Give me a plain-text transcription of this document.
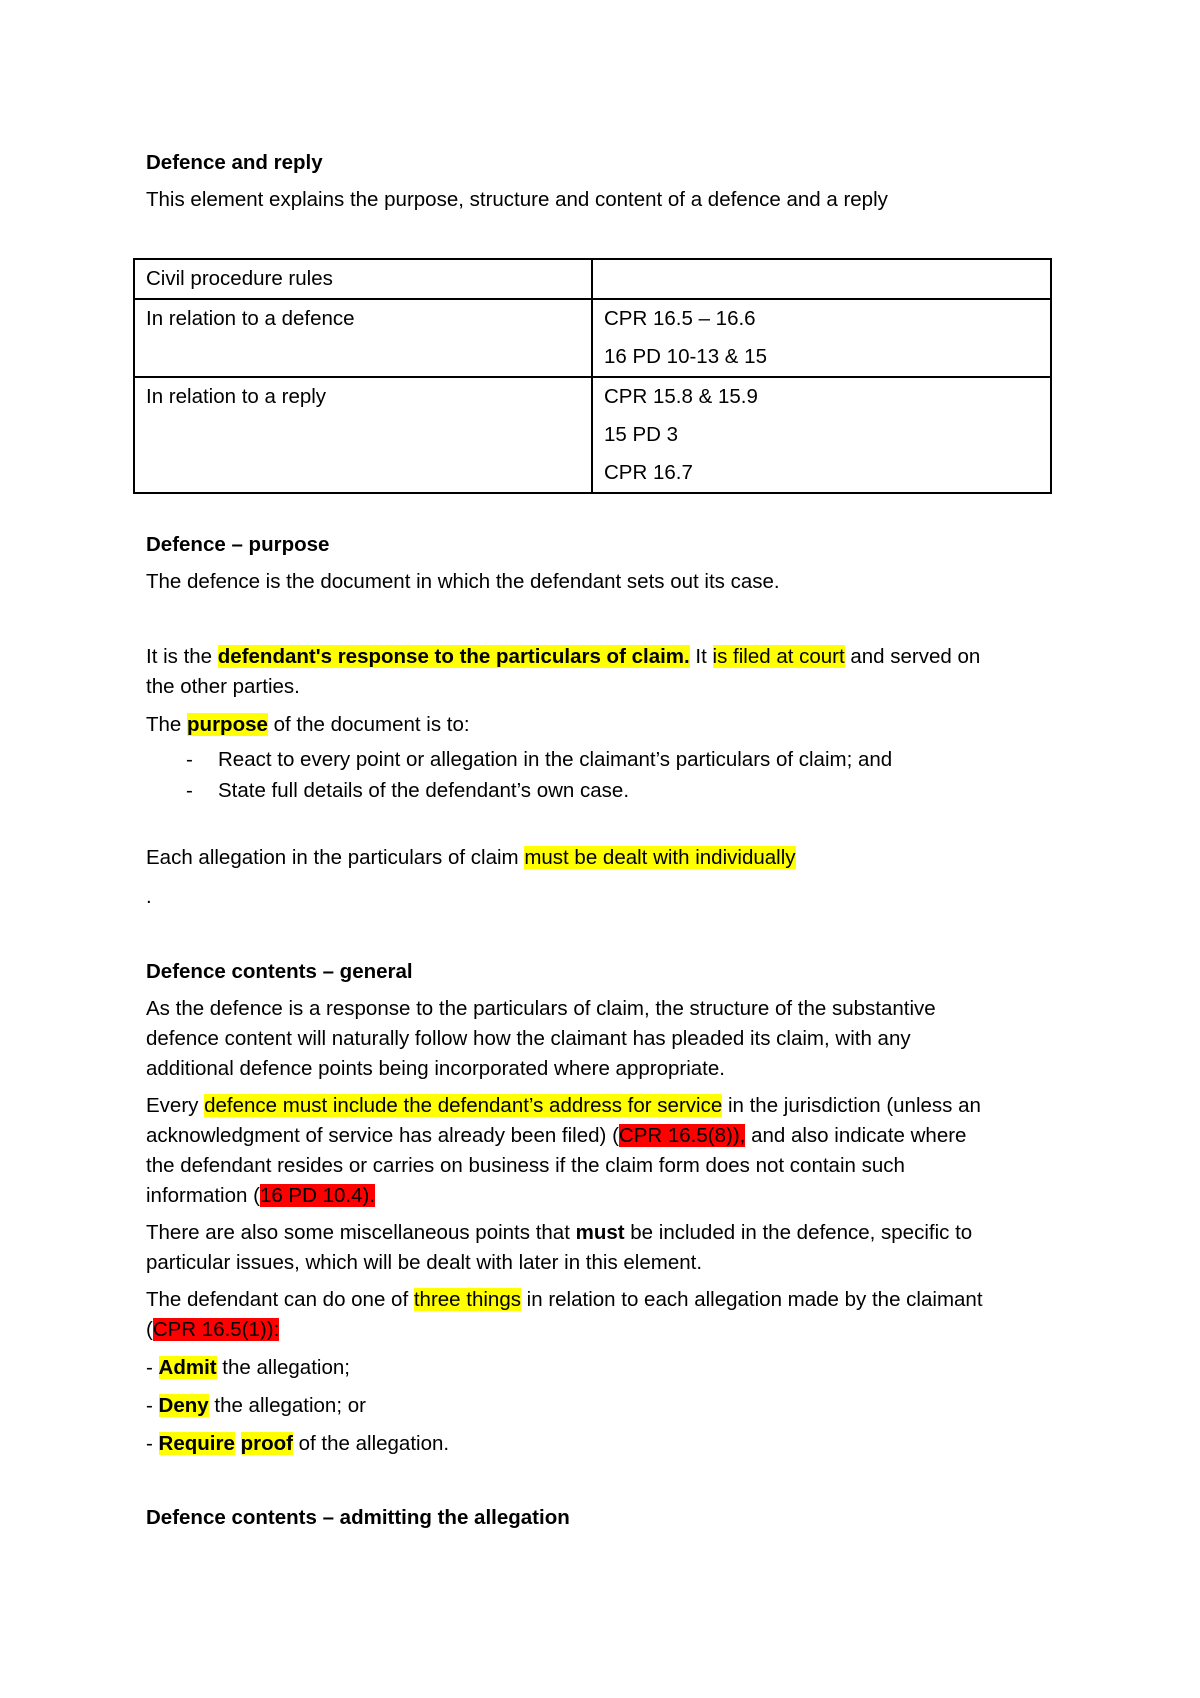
Defence and reply
This element explains the purpose, structure and content of a defence and a reply
Civil procedure rules	
In relation to a defence	CPR 16.5 – 16.6
16 PD 10-13 & 15

In relation to a reply	CPR 15.8 & 15.9
15 PD 3
CPR 16.7
Defence – purpose
The defence is the document in which the defendant sets out its case.
It is the defendant's response to the particulars of claim. It is filed at court and served on
the other parties.
The purpose of the document is to:
- React to every point or allegation in the claimant’s particulars of claim; and
- State full details of the defendant’s own case.
Each allegation in the particulars of claim must be dealt with individually
.
Defence contents – general
As the defence is a response to the particulars of claim, the structure of the substantive
defence content will naturally follow how the claimant has pleaded its claim, with any
additional defence points being incorporated where appropriate.
Every defence must include the defendant’s address for service in the jurisdiction (unless an
acknowledgment of service has already been filed) (CPR 16.5(8)), and also indicate where
the defendant resides or carries on business if the claim form does not contain such
information (16 PD 10.4).
There are also some miscellaneous points that must be included in the defence, specific to
particular issues, which will be dealt with later in this element.
The defendant can do one of three things in relation to each allegation made by the claimant
(CPR 16.5(1)):
- Admit the allegation;
- Deny the allegation; or
- Require proof of the allegation.
Defence contents – admitting the allegation
